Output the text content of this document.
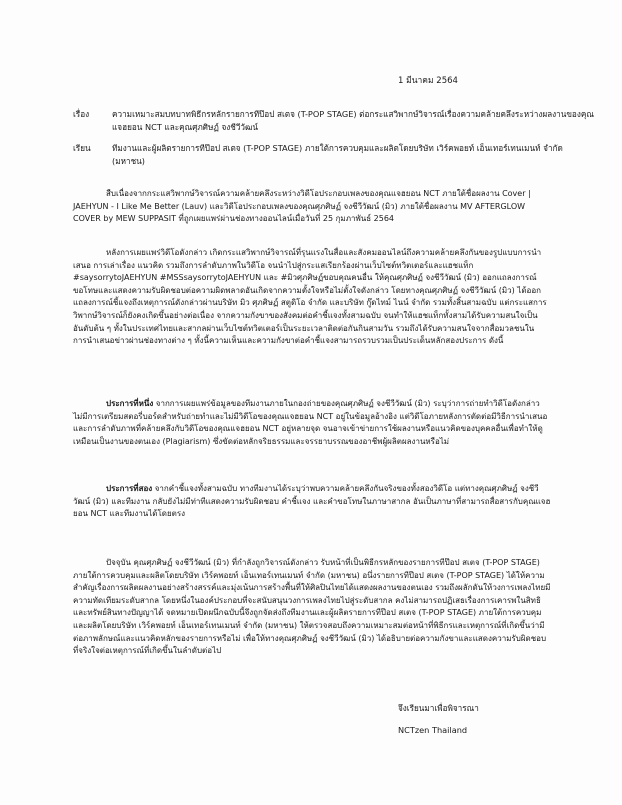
1 มีนาคม 2564
เรื่อง	ความเหมาะสมบทบาทพิธีกรหลักรายการทีป๊อป สเตจ (T-POP STAGE) ต่อกระแสวิพากษ์วิจารณ์เรื่องความคล้ายคลึงระหว่างผลงานของคุณแจฮยอน NCT และคุณศุภศิษฏ์ จงชีวีวัฒน์
เรียน	ทีมงานและผู้ผลิตรายการทีป๊อป สเตจ (T-POP STAGE) ภายใต้การควบคุมและผลิตโดยบริษัท เวิร์คพอยท์ เอ็นเทอร์เทนเมนท์ จำกัด (มหาชน)
สืบเนื่องจากกระแสวิพากษ์วิจารณ์ความคล้ายคลึงระหว่างวิดีโอประกอบเพลงของคุณแจฮยอน NCT ภายใต้ชื่อผลงาน Cover | JAEHYUN - I Like Me Better (Lauv) และวิดีโอประกอบเพลงของคุณศุภศิษฏ์ จงชีวีวัฒน์ (มิว) ภายใต้ชื่อผลงาน MV AFTERGLOW COVER by MEW SUPPASIT ที่ถูกเผยแพร่ผ่านช่องทางออนไลน์เมื่อวันที่ 25 กุมภาพันธ์ 2564
หลังการเผยแพร่วิดีโอดังกล่าว เกิดกระแสวิพากษ์วิจารณ์ที่รุนแรงในสื่อและสังคมออนไลน์ถึงความคล้ายคลึงกันของรูปแบบการนำเสนอ การเล่าเรื่อง แนวคิด รวมถึงการลำดับภาพในวิดีโอ จนนำไปสู่กระแสเรียกร้องผ่านเว็บไซต์ทวิตเตอร์และแฮชแท็ก #saysorrytoJAEHYUN #MSSsaysorrytoJAEHYUN และ #มิวศุภศิษฏ์ขอบคุณคนอื่น ให้คุณศุภศิษฏ์ จงชีวีวัฒน์ (มิว) ออกแถลงการณ์ขอโทษและแสดงความรับผิดชอบต่อความผิดพลาดอันเกิดจากความตั้งใจหรือไม่ตั้งใจดังกล่าว โดยทางคุณศุภศิษฏ์ จงชีวีวัฒน์ (มิว) ได้ออกแถลงการณ์ชี้แจงถึงเหตุการณ์ดังกล่าวผ่านบริษัท มิว ศุภศิษฏ์ สตูดิโอ จำกัด และบริษัท กู๊ดไทม์ ไนน์ จำกัด รวมทั้งสิ้นสามฉบับ แต่กระแสการวิพากษ์วิจารณ์ก็ยังคงเกิดขึ้นอย่างต่อเนื่อง จากความกังขาของสังคมต่อคำชี้แจงทั้งสามฉบับ จนทำให้แฮชแท็กทั้งสามได้รับความสนใจเป็นอันดับต้น ๆ ทั้งในประเทศไทยและสากลผ่านเว็บไซต์ทวิตเตอร์เป็นระยะเวลาติดต่อกันกินสามวัน รวมถึงได้รับความสนใจจากสื่อมวลชนในการนำเสนอข่าวผ่านช่องทางต่าง ๆ ทั้งนี้ความเห็นและความกังขาต่อคำชี้แจงสามารถรวบรวมเป็นประเด็นหลักสองประการ ดังนี้
ประการที่หนึ่ง จากการเผยแพร่ข้อมูลของทีมงานภายในกองถ่ายของคุณศุภศิษฏ์ จงชีวีวัฒน์ (มิว) ระบุว่าการถ่ายทำวิดีโอดังกล่าวไม่มีการเตรียมสตอรี่บอร์ดสำหรับถ่ายทำและไม่มีวิดีโอของคุณแจฮยอน NCT อยู่ในข้อมูลอ้างอิง แต่วิดีโอภายหลังการตัดต่อมีวิธีการนำเสนอและการลำดับภาพที่คล้ายคลึงกับวิดีโอของคุณแจฮยอน NCT อยู่หลายจุด จนอาจเข้าข่ายการใช้ผลงานหรือแนวคิดของบุคคลอื่นเพื่อทำให้ดูเหมือนเป็นงานของตนเอง (Plagiarism) ซึ่งขัดต่อหลักจริยธรรมและจรรยาบรรณของอาชีพผู้ผลิตผลงานหรือไม่
ประการที่สอง จากคำชี้แจงทั้งสามฉบับ ทางทีมงานได้ระบุว่าพบความคล้ายคลึงกันจริงของทั้งสองวิดีโอ แต่ทางคุณศุภศิษฏ์ จงชีวีวัฒน์ (มิว) และทีมงาน กลับยังไม่มีท่าทีแสดงความรับผิดชอบ คำชี้แจง และคำขอโทษในภาษาสากล อันเป็นภาษาที่สามารถสื่อสารกับคุณแจฮยอน NCT และทีมงานได้โดยตรง
ปัจจุบัน คุณศุภศิษฏ์ จงชีวีวัฒน์ (มิว) ที่กำลังถูกวิจารณ์ดังกล่าว รับหน้าที่เป็นพิธีกรหลักของรายการทีป๊อป สเตจ (T-POP STAGE) ภายใต้การควบคุมและผลิตโดยบริษัท เวิร์คพอยท์ เอ็นเทอร์เทนเมนท์ จำกัด (มหาชน) อนึ่งรายการทีป๊อป สเตจ (T-POP STAGE) ได้ให้ความสำคัญเรื่องการผลิตผลงานอย่างสร้างสรรค์และมุ่งเน้นการสร้างพื้นที่ให้ศิลปินไทยได้แสดงผลงานของตนเอง รวมถึงผลักดันให้วงการเพลงไทยมีความทัดเทียมระดับสากล โดยหนึ่งในองค์ประกอบที่จะสนับสนุนวงการเพลงไทยไปสู่ระดับสากล คงไม่สามารถปฏิเสธเรื่องการเคารพในสิทธิและทรัพย์สินทางปัญญาได้ จดหมายเปิดผนึกฉบับนี้จึงถูกจัดส่งถึงทีมงานและผู้ผลิตรายการทีป๊อป สเตจ (T-POP STAGE) ภายใต้การควบคุมและผลิตโดยบริษัท เวิร์คพอยท์ เอ็นเทอร์เทนเมนท์ จำกัด (มหาชน) ให้ตรวจสอบถึงความเหมาะสมต่อหน้าที่พิธีกรและเหตุการณ์ที่เกิดขึ้นว่ามีต่อภาพลักษณ์และแนวคิดหลักของรายการหรือไม่ เพื่อให้ทางคุณศุภศิษฏ์ จงชีวีวัฒน์ (มิว) ได้อธิบายต่อความกังขาและแสดงความรับผิดชอบที่จริงใจต่อเหตุการณ์ที่เกิดขึ้นในลำดับต่อไป
จึงเรียนมาเพื่อพิจารณา
NCTzen Thailand
